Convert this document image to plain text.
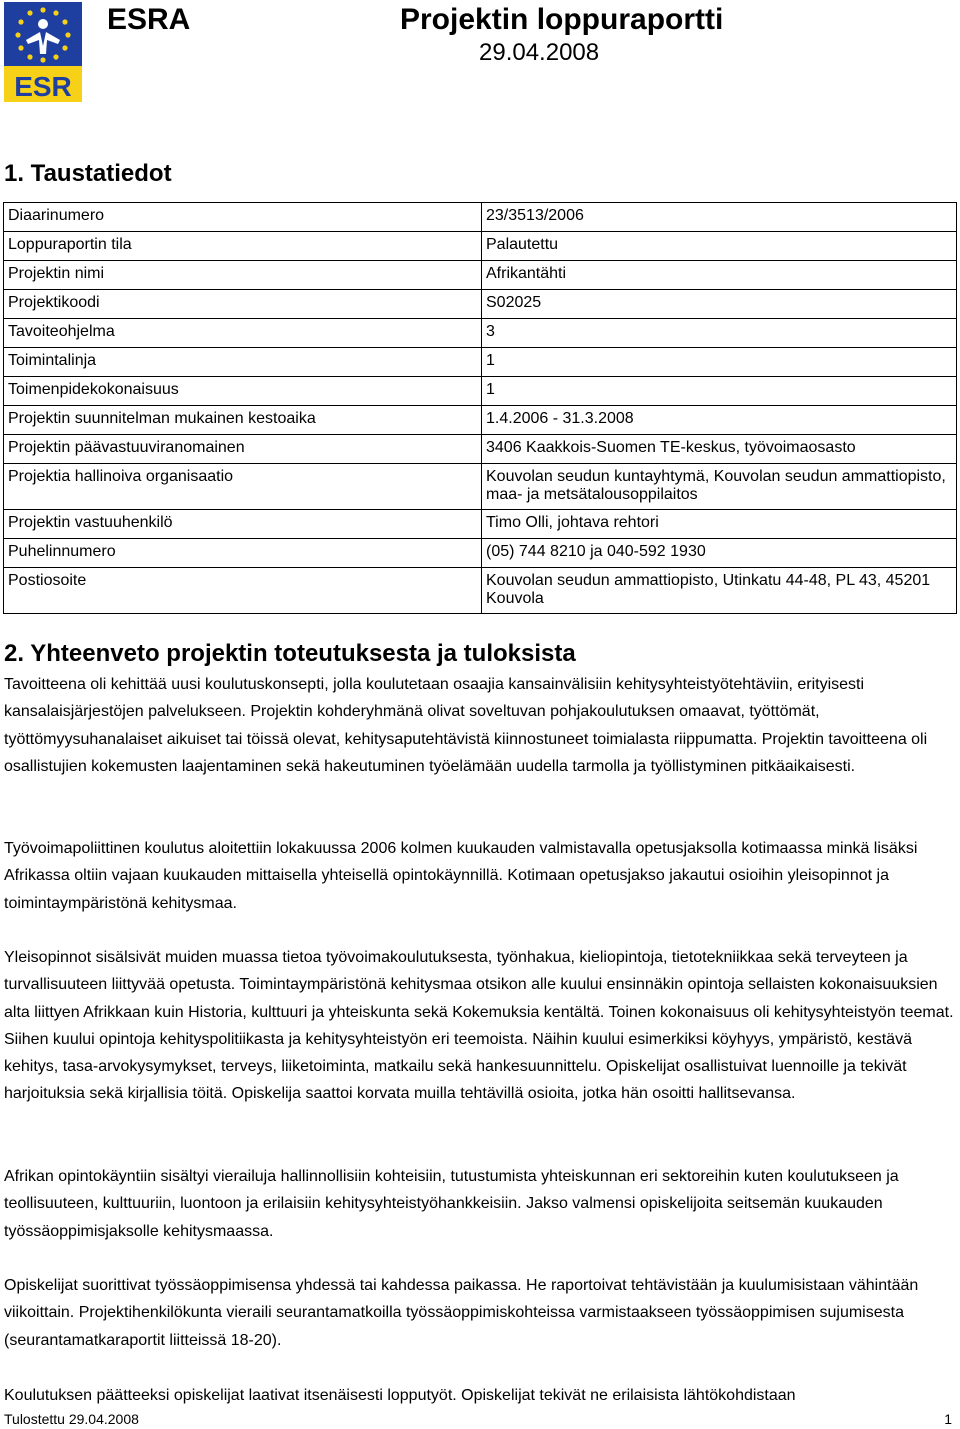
ESR
ESRA	Projektin loppuraportti
29.04.2008
1. Taustatiedot
Diaarinumero	23/3513/2006
Loppuraportin tila	Palautettu
Projektin nimi	Afrikantähti
Projektikoodi	S02025
Tavoiteohjelma	3
Toimintalinja	1
Toimenpidekokonaisuus	1
Projektin suunnitelman mukainen kestoaika	1.4.2006 - 31.3.2008
Projektin päävastuuviranomainen	3406 Kaakkois-Suomen TE-keskus, työvoimaosasto
Projektia hallinoiva organisaatio	Kouvolan seudun kuntayhtymä, Kouvolan seudun ammattiopisto, maa- ja metsätalousoppilaitos
Projektin vastuuhenkilö	Timo Olli, johtava rehtori
Puhelinnumero	(05) 744 8210 ja 040-592 1930
Postiosoite	Kouvolan seudun ammattiopisto, Utinkatu 44-48, PL 43, 45201 Kouvola
2. Yhteenveto projektin toteutuksesta ja tuloksista

Tavoitteena oli kehittää uusi koulutuskonsepti, jolla koulutetaan osaajia kansainvälisiin kehitysyhteistyötehtäviin, erityisesti kansalaisjärjestöjen palvelukseen. Projektin kohderyhmänä olivat soveltuvan pohjakoulutuksen omaavat, työttömät, työttömyysuhanalaiset aikuiset tai töissä olevat, kehitysaputehtävistä kiinnostuneet toimialasta riippumatta. Projektin tavoitteena oli osallistujien kokemusten laajentaminen sekä hakeutuminen työelämään uudella tarmolla ja työllistyminen pitkäaikaisesti.

Työvoimapoliittinen koulutus aloitettiin lokakuussa 2006 kolmen kuukauden valmistavalla opetusjaksolla kotimaassa minkä lisäksi Afrikassa oltiin vajaan kuukauden mittaisella yhteisellä opintokäynnillä. Kotimaan opetusjakso jakautui osioihin yleisopinnot ja toimintaympäristönä kehitysmaa.

Yleisopinnot sisälsivät muiden muassa tietoa työvoimakoulutuksesta, työnhakua, kieliopintoja, tietotekniikkaa sekä terveyteen ja turvallisuuteen liittyvää opetusta. Toimintaympäristönä kehitysmaa otsikon alle kuului ensinnäkin opintoja sellaisten kokonaisuuksien alta liittyen Afrikkaan kuin Historia, kulttuuri ja yhteiskunta sekä Kokemuksia kentältä. Toinen kokonaisuus oli kehitysyhteistyön teemat. Siihen kuului opintoja kehityspolitiikasta ja kehitysyhteistyön eri teemoista. Näihin kuului esimerkiksi köyhyys, ympäristö, kestävä kehitys, tasa-arvokysymykset, terveys, liiketoiminta, matkailu sekä hankesuunnittelu. Opiskelijat osallistuivat luennoille ja tekivät harjoituksia sekä kirjallisia töitä. Opiskelija saattoi korvata muilla tehtävillä osioita, jotka hän osoitti hallitsevansa.

Afrikan opintokäyntiin sisältyi vierailuja hallinnollisiin kohteisiin, tutustumista yhteiskunnan eri sektoreihin kuten koulutukseen ja teollisuuteen, kulttuuriin, luontoon ja erilaisiin kehitysyhteistyöhankkeisiin. Jakso valmensi opiskelijoita seitsemän kuukauden työssäoppimisjaksolle kehitysmaassa.

Opiskelijat suorittivat työssäoppimisensa yhdessä tai kahdessa paikassa. He raportoivat tehtävistään ja kuulumisistaan vähintään viikoittain. Projektihenkilökunta vieraili seurantamatkoilla työssäoppimiskohteissa varmistaakseen työssäoppimisen sujumisesta (seurantamatkaraportit liitteissä 18-20).

Koulutuksen päätteeksi opiskelijat laativat itsenäisesti lopputyöt. Opiskelijat tekivät ne erilaisista lähtökohdistaan

Tulostettu 29.04.2008	1
